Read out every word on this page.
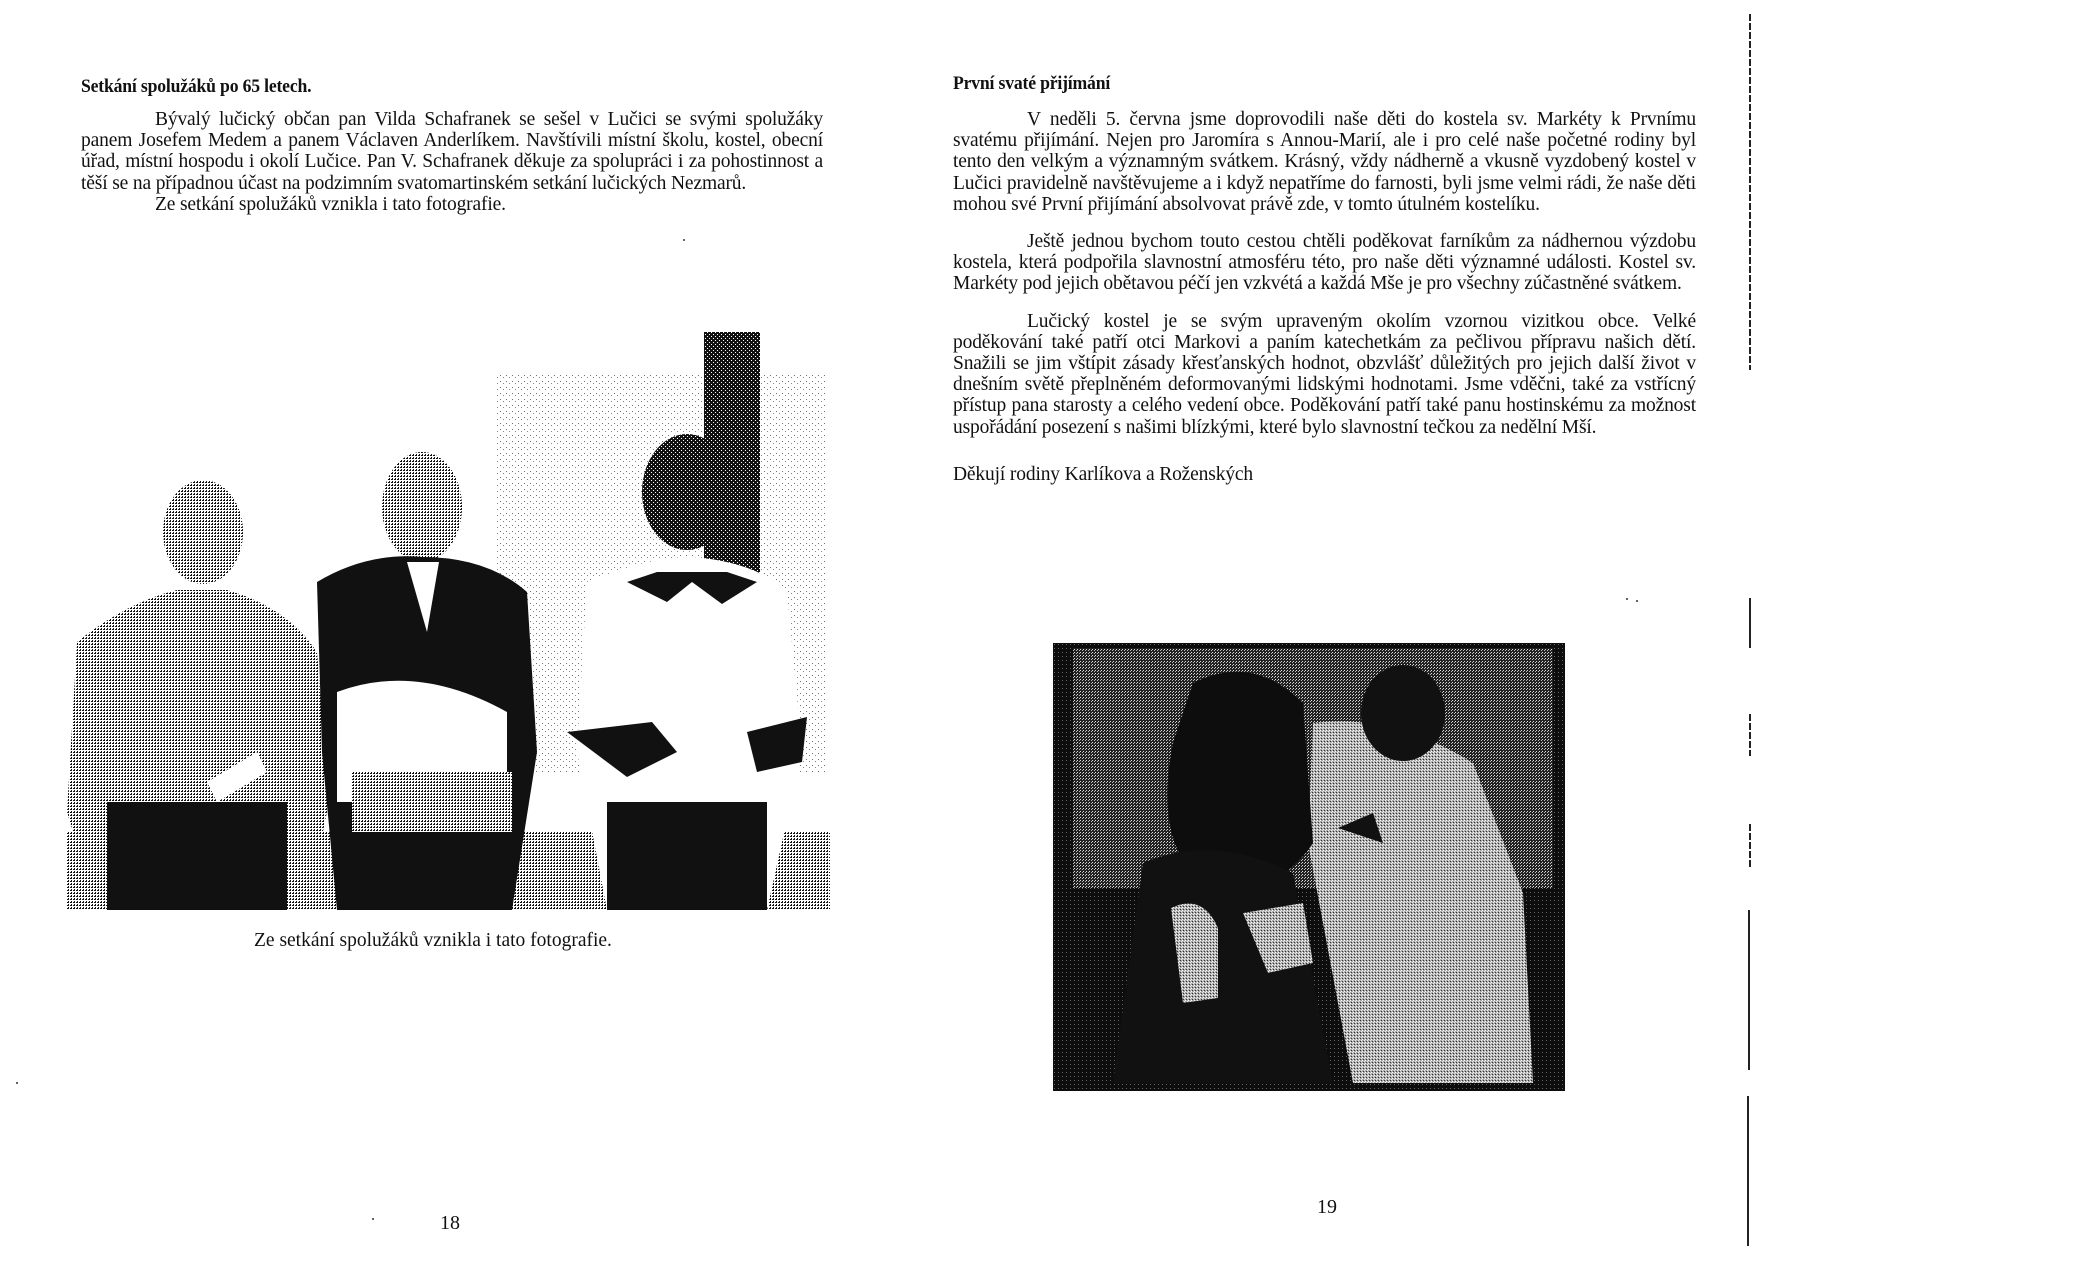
Setkání spolužáků po 65 letech.

Bývalý lučický občan pan Vilda Schafranek se sešel v Lučici se svými spolužáky panem Josefem Medem a panem Václaven Anderlíkem. Navštívili místní školu, kostel, obecní úřad, místní hospodu i okolí Lučice. Pan V. Schafranek děkuje za spolupráci i za pohostinnost a těší se na případnou účast na podzimním svatomartinském setkání lučických Nezmarů.

Ze setkání spolužáků vznikla i tato fotografie.

Ze setkání spolužáků vznikla i tato fotografie.
18
První svaté přijímání

V neděli 5. června jsme doprovodili naše děti do kostela sv. Markéty k Prvnímu svatému přijímání. Nejen pro Jaromíra s Annou-Marií, ale i pro celé naše početné rodiny byl tento den velkým a významným svátkem. Krásný, vždy nádherně a vkusně vyzdobený kostel v Lučici pravidelně navštěvujeme a i když nepatříme do farnosti, byli jsme velmi rádi, že naše děti mohou své První přijímání absolvovat právě zde, v tomto útulném kostelíku.

Ještě jednou bychom touto cestou chtěli poděkovat farníkům za nádhernou výzdobu kostela, která podpořila slavnostní atmosféru této, pro naše děti významné události. Kostel sv. Markéty pod jejich obětavou péčí jen vzkvétá a každá Mše je pro všechny zúčastněné svátkem.

Lučický kostel je se svým upraveným okolím vzornou vizitkou obce. Velké poděkování také patří otci Markovi a paním katechetkám za pečlivou přípravu našich dětí. Snažili se jim vštípit zásady křesťanských hodnot, obzvlášť důležitých pro jejich další život v dnešním světě přeplněném deformovanými lidskými hodnotami. Jsme vděčni, také za vstřícný přístup pana starosty a celého vedení obce. Poděkování patří také panu hostinskému za možnost uspořádání posezení s našimi blízkými, které bylo slavnostní tečkou za nedělní Mší.

Děkují rodiny Karlíkova a Roženských

19
